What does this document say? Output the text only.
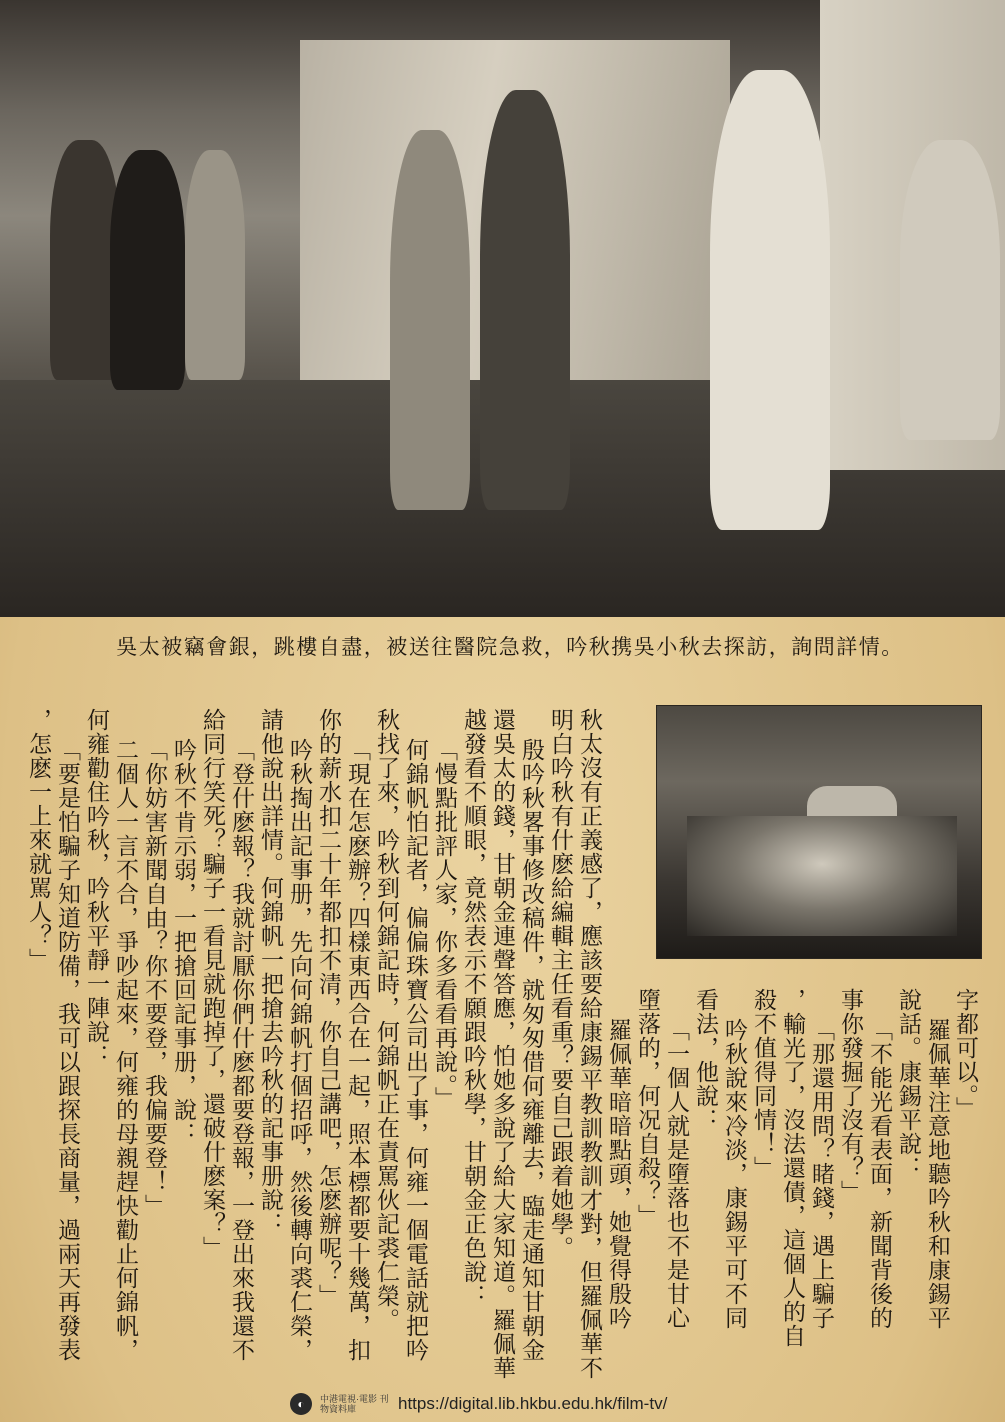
吳太被竊會銀，跳樓自盡，被送往醫院急救，吟秋携吳小秋去探訪，詢問詳情。
字都可以。」
羅佩華注意地聽吟秋和康錫平
說話。康錫平說：
「不能光看表面，新聞背後的
事你發掘了沒有？」
「那還用問？睹錢，遇上騙子
，輸光了，沒法還債，這個人的自
殺不值得同情！」
吟秋說來冷淡，康錫平可不同
看法，他說：
「一個人就是墮落也不是甘心
墮落的，何况自殺？」
羅佩華暗暗點頭，她覺得殷吟
秋太沒有正義感了，應該要給康錫平教訓教訓才對，但羅佩華不
明白吟秋有什麽給編輯主任看重？要自己跟着她學。
殷吟秋畧事修改稿件，就匆匆借何雍離去，臨走通知甘朝金
還吳太的錢，甘朝金連聲答應，怕她多說了給大家知道。羅佩華
越發看不順眼，竟然表示不願跟吟秋學，甘朝金正色說：
「慢點批評人家，你多看看再說。」
何錦帆怕記者，偏偏珠寶公司出了事，何雍一個電話就把吟
秋找了來，吟秋到何錦記時，何錦帆正在責罵伙記裘仁榮。
「現在怎麽辦？四樣東西合在一起，照本標都要十幾萬，扣
你的薪水扣二十年都扣不清，你自己講吧，怎麽辦呢？」
吟秋掏出記事册，先向何錦帆打個招呼，然後轉向裘仁榮，
請他說出詳情。何錦帆一把搶去吟秋的記事册說：
「登什麽報？我就討厭你們什麽都要登報，一登出來我還不
給同行笑死？騙子一看見就跑掉了，還破什麽案？」
吟秋不肯示弱，一把搶回記事册，說：
「你妨害新聞自由？你不要登，我偏要登！」
二個人一言不合，爭吵起來，何雍的母親趕快勸止何錦帆，
何雍勸住吟秋，吟秋平靜一陣說：
「要是怕騙子知道防備，我可以跟探長商量，過兩天再發表
，怎麽一上來就駡人？」
◐	中港電視·電影 刊物資料庫	https://digital.lib.hkbu.edu.hk/film-tv/
